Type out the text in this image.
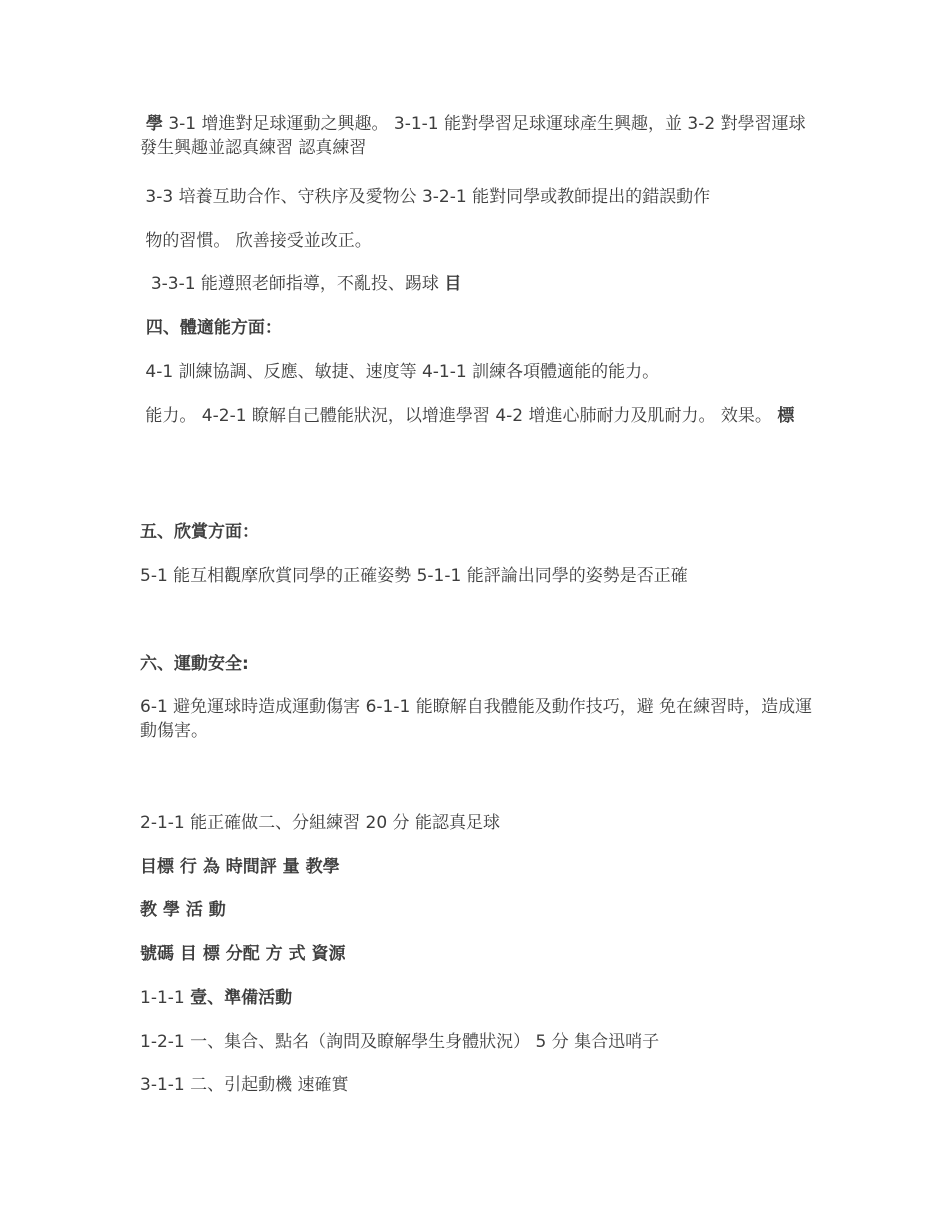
學 3-1 增進對足球運動之興趣。 3-1-1 能對學習足球運球產生興趣，並 3-2 對學習運球發生興趣並認真練習 認真練習

3-3 培養互助合作、守秩序及愛物公 3-2-1 能對同學或教師提出的錯誤動作

物的習慣。 欣善接受並改正。

3-3-1 能遵照老師指導，不亂投、踢球 目

四、體適能方面：

4-1 訓練協調、反應、敏捷、速度等 4-1-1 訓練各項體適能的能力。

能力。 4-2-1 瞭解自己體能狀況，以增進學習 4-2 增進心肺耐力及肌耐力。 效果。 標

五、欣賞方面：

5-1 能互相觀摩欣賞同學的正確姿勢 5-1-1 能評論出同學的姿勢是否正確

六、運動安全:

6-1 避免運球時造成運動傷害 6-1-1 能瞭解自我體能及動作技巧，避 免在練習時，造成運動傷害。

2-1-1 能正確做二、分組練習 20 分 能認真足球

目標 行 為 時間評 量 教學

教 學 活 動

號碼 目 標 分配 方 式 資源

1-1-1 壹、準備活動

1-2-1 一、集合、點名（詢問及瞭解學生身體狀況） 5 分 集合迅哨子

3-1-1 二、引起動機 速確實
